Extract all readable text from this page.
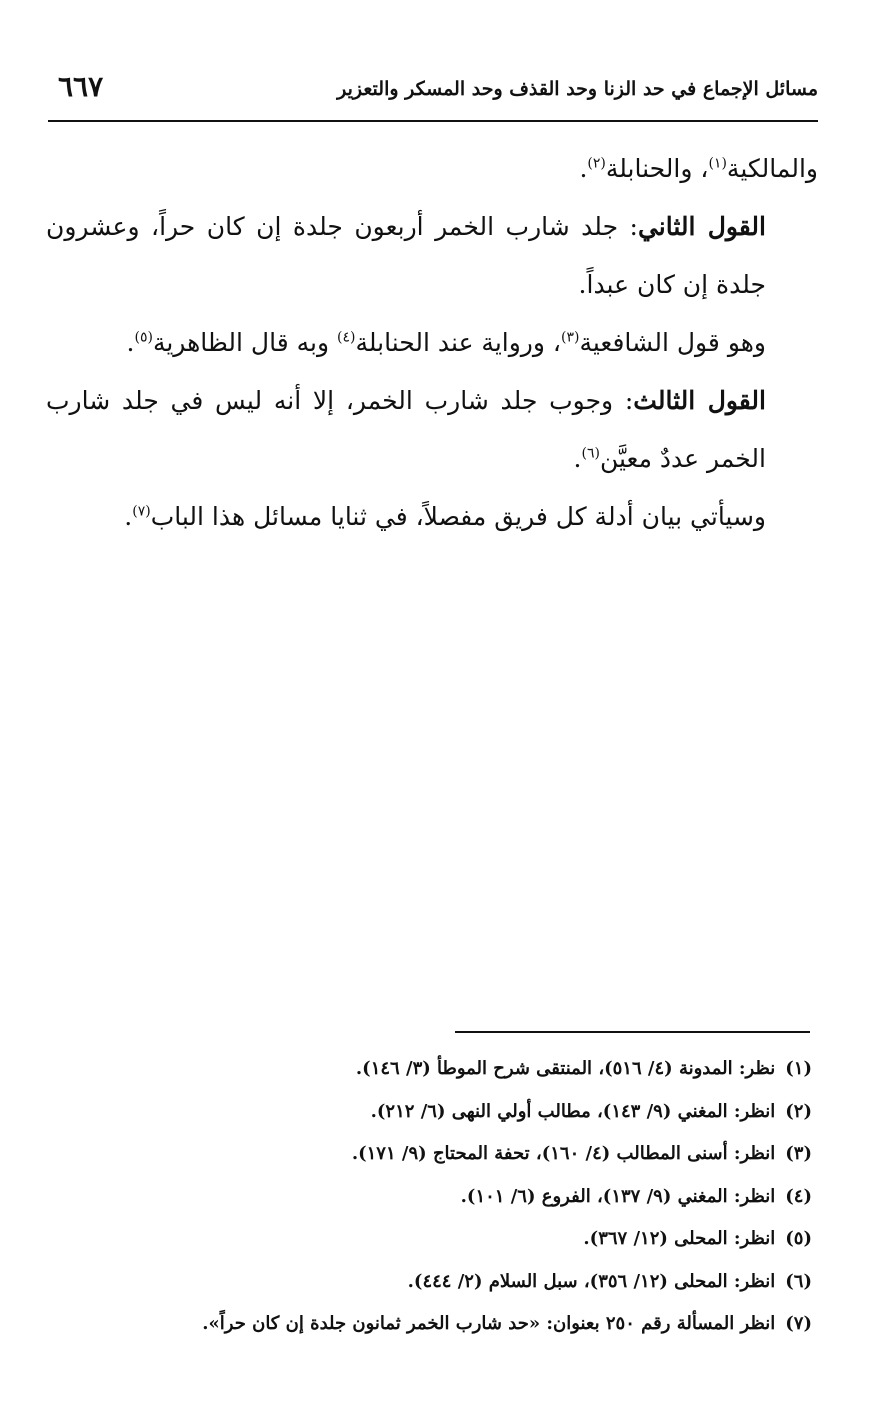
٦٦٧	مسائل الإجماع في حد الزنا وحد القذف وحد المسكر والتعزير

والمالكية$^{(١)}$، والحنابلة$^{(٢)}$.

القول الثاني: جلد شارب الخمر أربعون جلدة إن كان حراً، وعشرون جلدة إن كان عبداً.

وهو قول الشافعية$^{(٣)}$، ورواية عند الحنابلة$^{(٤)}$ وبه قال الظاهرية$^{(٥)}$.

القول الثالث: وجوب جلد شارب الخمر، إلا أنه ليس في جلد شارب الخمر عددٌ معيَّن$^{(٦)}$.

وسيأتي بيان أدلة كل فريق مفصلاً، في ثنايا مسائل هذا الباب$^{(٧)}$.

(١)نظر: المدونة (٤/ ٥١٦)، المنتقى شرح الموطأ (٣/ ١٤٦).

(٢)انظر: المغني (٩/ ١٤٣)، مطالب أولي النهى (٦/ ٢١٢).

(٣)انظر: أسنى المطالب (٤/ ١٦٠)، تحفة المحتاج (٩/ ١٧١).

(٤)انظر: المغني (٩/ ١٣٧)، الفروع (٦/ ١٠١).

(٥)انظر: المحلى (١٢/ ٣٦٧).

(٦)انظر: المحلى (١٢/ ٣٥٦)، سبل السلام (٢/ ٤٤٤).

(٧)انظر المسألة رقم ٢٥٠ بعنوان: «حد شارب الخمر ثمانون جلدة إن كان حراً».
